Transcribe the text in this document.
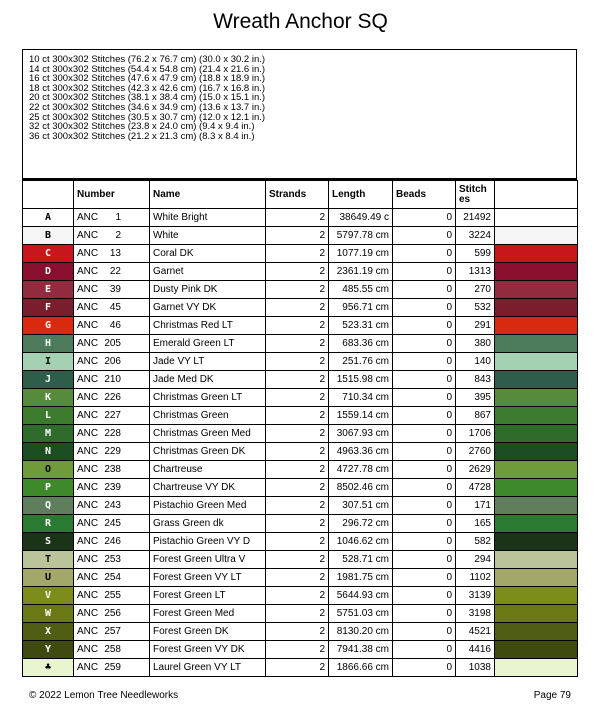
Wreath Anchor SQ
10 ct 300x302 Stitches (76.2 x 76.7 cm) (30.0 x 30.2 in.)
14 ct 300x302 Stitches (54.4 x 54.8 cm) (21.4 x 21.6 in.)
16 ct 300x302 Stitches (47.6 x 47.9 cm) (18.8 x 18.9 in.)
18 ct 300x302 Stitches (42.3 x 42.6 cm) (16.7 x 16.8 in.)
20 ct 300x302 Stitches (38.1 x 38.4 cm) (15.0 x 15.1 in.)
22 ct 300x302 Stitches (34.6 x 34.9 cm) (13.6 x 13.7 in.)
25 ct 300x302 Stitches (30.5 x 30.7 cm) (12.0 x 12.1 in.)
32 ct 300x302 Stitches (23.8 x 24.0 cm) (9.4 x 9.4 in.)
36 ct 300x302 Stitches (21.2 x 21.3 cm) (8.3 x 8.4 in.)
	Number	Name	Strands	Length	Beads	Stitch es	
A	ANC 1	White Bright	2	38649.49 c	0	21492	
B	ANC 2	White	2	5797.78 cm	0	3224	
C	ANC 13	Coral DK	2	1077.19 cm	0	599	
D	ANC 22	Garnet	2	2361.19 cm	0	1313	
E	ANC 39	Dusty Pink DK	2	485.55 cm	0	270	
F	ANC 45	Garnet VY DK	2	956.71 cm	0	532	
G	ANC 46	Christmas Red LT	2	523.31 cm	0	291	
H	ANC 205	Emerald Green LT	2	683.36 cm	0	380	
I	ANC 206	Jade VY LT	2	251.76 cm	0	140	
J	ANC 210	Jade Med DK	2	1515.98 cm	0	843	
K	ANC 226	Christmas Green LT	2	710.34 cm	0	395	
L	ANC 227	Christmas Green	2	1559.14 cm	0	867	
M	ANC 228	Christmas Green Med	2	3067.93 cm	0	1706	
N	ANC 229	Christmas Green DK	2	4963.36 cm	0	2760	
O	ANC 238	Chartreuse	2	4727.78 cm	0	2629	
P	ANC 239	Chartreuse VY DK	2	8502.46 cm	0	4728	
Q	ANC 243	Pistachio Green Med	2	307.51 cm	0	171	
R	ANC 245	Grass Green dk	2	296.72 cm	0	165	
S	ANC 246	Pistachio Green VY D	2	1046.62 cm	0	582	
T	ANC 253	Forest Green Ultra V	2	528.71 cm	0	294	
U	ANC 254	Forest Green VY LT	2	1981.75 cm	0	1102	
V	ANC 255	Forest Green LT	2	5644.93 cm	0	3139	
W	ANC 256	Forest Green Med	2	5751.03 cm	0	3198	
X	ANC 257	Forest Green DK	2	8130.20 cm	0	4521	
Y	ANC 258	Forest Green VY DK	2	7941.38 cm	0	4416	
♣	ANC 259	Laurel Green VY LT	2	1866.66 cm	0	1038	
© 2022 Lemon Tree Needleworks	Page 79
